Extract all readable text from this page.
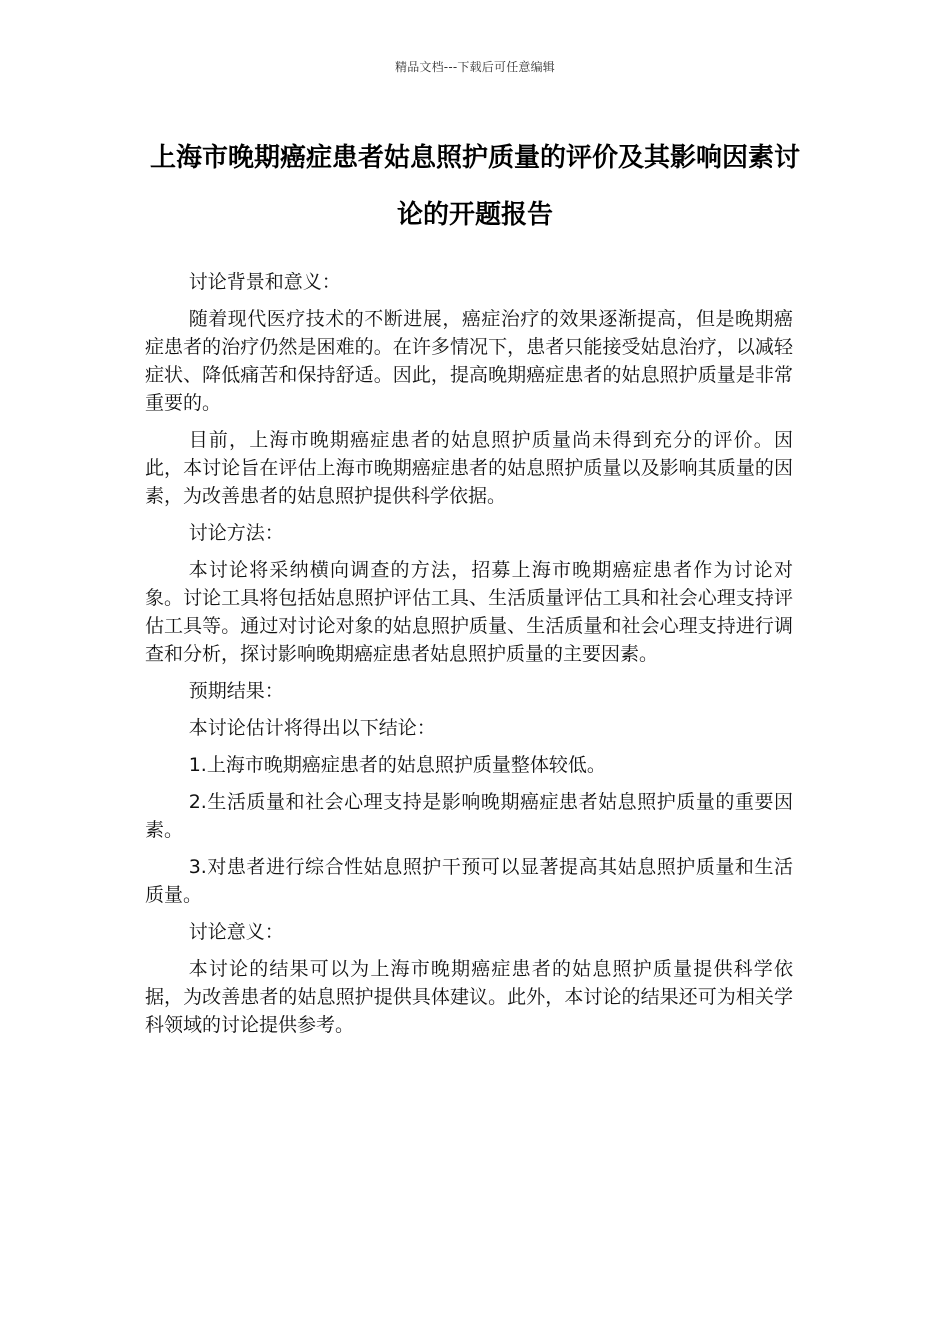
精品文档---下载后可任意编辑
上海市晚期癌症患者姑息照护质量的评价及其影响因素讨论的开题报告

讨论背景和意义：

随着现代医疗技术的不断进展，癌症治疗的效果逐渐提高，但是晚期癌症患者的治疗仍然是困难的。在许多情况下，患者只能接受姑息治疗，以减轻症状、降低痛苦和保持舒适。因此，提高晚期癌症患者的姑息照护质量是非常重要的。

目前，上海市晚期癌症患者的姑息照护质量尚未得到充分的评价。因此，本讨论旨在评估上海市晚期癌症患者的姑息照护质量以及影响其质量的因素，为改善患者的姑息照护提供科学依据。

讨论方法：

本讨论将采纳横向调查的方法，招募上海市晚期癌症患者作为讨论对象。讨论工具将包括姑息照护评估工具、生活质量评估工具和社会心理支持评估工具等。通过对讨论对象的姑息照护质量、生活质量和社会心理支持进行调查和分析，探讨影响晚期癌症患者姑息照护质量的主要因素。

预期结果：

本讨论估计将得出以下结论：

1.上海市晚期癌症患者的姑息照护质量整体较低。

2.生活质量和社会心理支持是影响晚期癌症患者姑息照护质量的重要因素。

3.对患者进行综合性姑息照护干预可以显著提高其姑息照护质量和生活质量。

讨论意义：

本讨论的结果可以为上海市晚期癌症患者的姑息照护质量提供科学依据，为改善患者的姑息照护提供具体建议。此外，本讨论的结果还可为相关学科领域的讨论提供参考。
